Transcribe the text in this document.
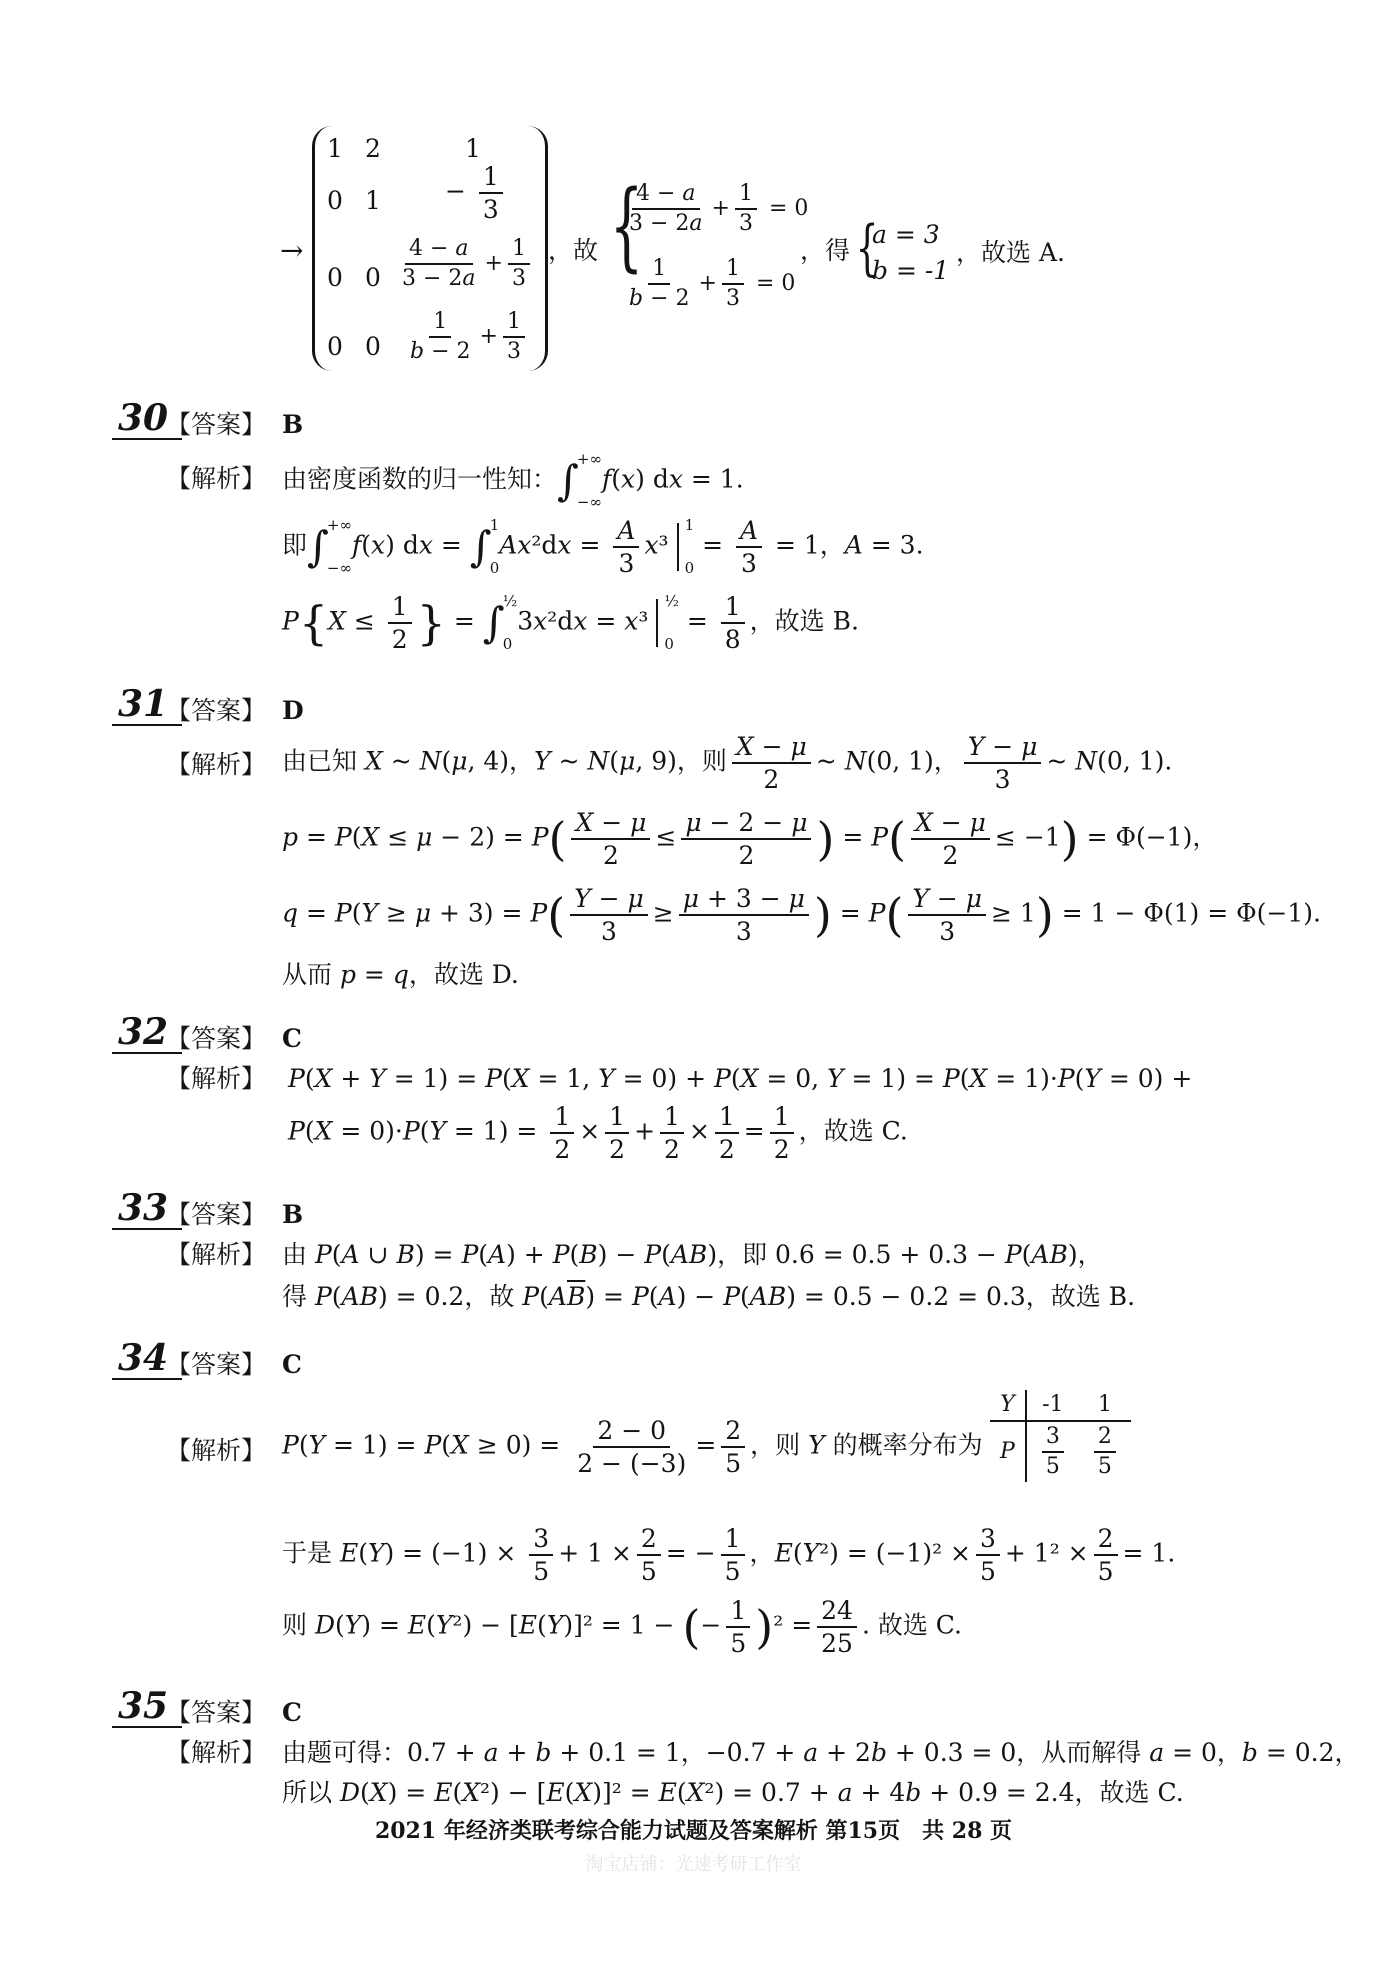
→
1 2	1
0 1	− $\frac{1}{3}$
0 $0 \frac{4 - a}{3 - 2a} + \frac{1}{3}$
0 $0 \frac{1}{b - 2} + \frac{1}{3}$
，故 {
$\frac{4 - a}{3 - 2a} + \frac{1}{3} = 0$
$\frac{1}{b - 2} + \frac{1}{3} = 0$
，得 {
a = 3
b = -1
，故选 A.
30
【答案】 B
【解析】 由密度函数的归一性知：∫
+∞
−∞
f(x) dx = 1.
即∫
+∞
−∞
f(x) dx = ∫
1
0
$Ax^2dx = \frac{A}{3} x^3$
1
0
= $\frac{A}{3} = 1$，A = 3.
$P\{X \le \frac{1}{2}$ } = ∫
½
0
3x²dx = x³
½
0
= $\frac{1}{8}$ ，故选 B.
31
【答案】 D
【解析】 由已知 X ~ N(μ, 4)，Y ~ N(μ, 9)，则 $\frac{X - \mu}{2}$ ~ N(0, 1)， $\frac{Y - \mu}{3}$ ~ N(0, 1).
$p = P(X \le \mu - 2) = P( \frac{X - \mu}{2} \le \frac{\mu - 2 - \mu}{2}$ ) = $P( \frac{X - \mu}{2} \le -1) = \Phi(-1)$，
$q = P(Y \ge \mu + 3) = P( \frac{Y - \mu}{3} \ge \frac{\mu + 3 - \mu}{3}$ ) = $P( \frac{Y - \mu}{3} \ge 1) = 1 - \Phi(1) = \Phi(-1)$.
从而 p = q，故选 D.
32
【答案】 C
【解析】 P(X + Y = 1) = P(X = 1, Y = 0) + P(X = 0, Y = 1) = P(X = 1)·P(Y = 0) +
$P(X = 0)\cdot P(Y = 1) = \frac{1}{2} \times \frac{1}{2} + \frac{1}{2} \times \frac{1}{2} = \frac{1}{2}$ ，故选 C.
33
【答案】 B
【解析】 由 P(A ∪ B) = P(A) + P(B) − P(AB)，即 0.6 = 0.5 + 0.3 − P(AB)，
得 P(AB) = 0.2，故 $P(A\overline{B}) = P(A) - P(AB) = 0.5 - 0.2 = 0.3$，故选 B.
34
【答案】 C
【解析】 $P(Y = 1) = P(X \ge 0) = \frac{2 - 0}{2 - (-3)} = \frac{2}{5}$ ，则 Y 的概率分布为
Y	-1	1
P	$\frac{3}{5}$	$\frac{2}{5}$
于是 $E(Y) = (-1) \times \frac{3}{5} + 1 \times \frac{2}{5}$ = − $\frac{1}{5}$ ，$E(Y^2) = (-1)^2 \times \frac{3}{5} + 1^2 \times \frac{2}{5} = 1$.
则 D(Y) = E(Y²) − [E(Y)]² = 1 − (− $\frac{1}{5} )^2 = \frac{24}{25}$ . 故选 C.
35
【答案】 C
【解析】 由题可得：0.7 + a + b + 0.1 = 1，−0.7 + a + 2b + 0.3 = 0，从而解得 a = 0，b = 0.2，
所以 D(X) = E(X²) − [E(X)]² = E(X²) = 0.7 + a + 4b + 0.9 = 2.4，故选 C.
2021 年经济类联考综合能力试题及答案解析 第15页　共 28 页
淘宝店铺：光速考研工作室
